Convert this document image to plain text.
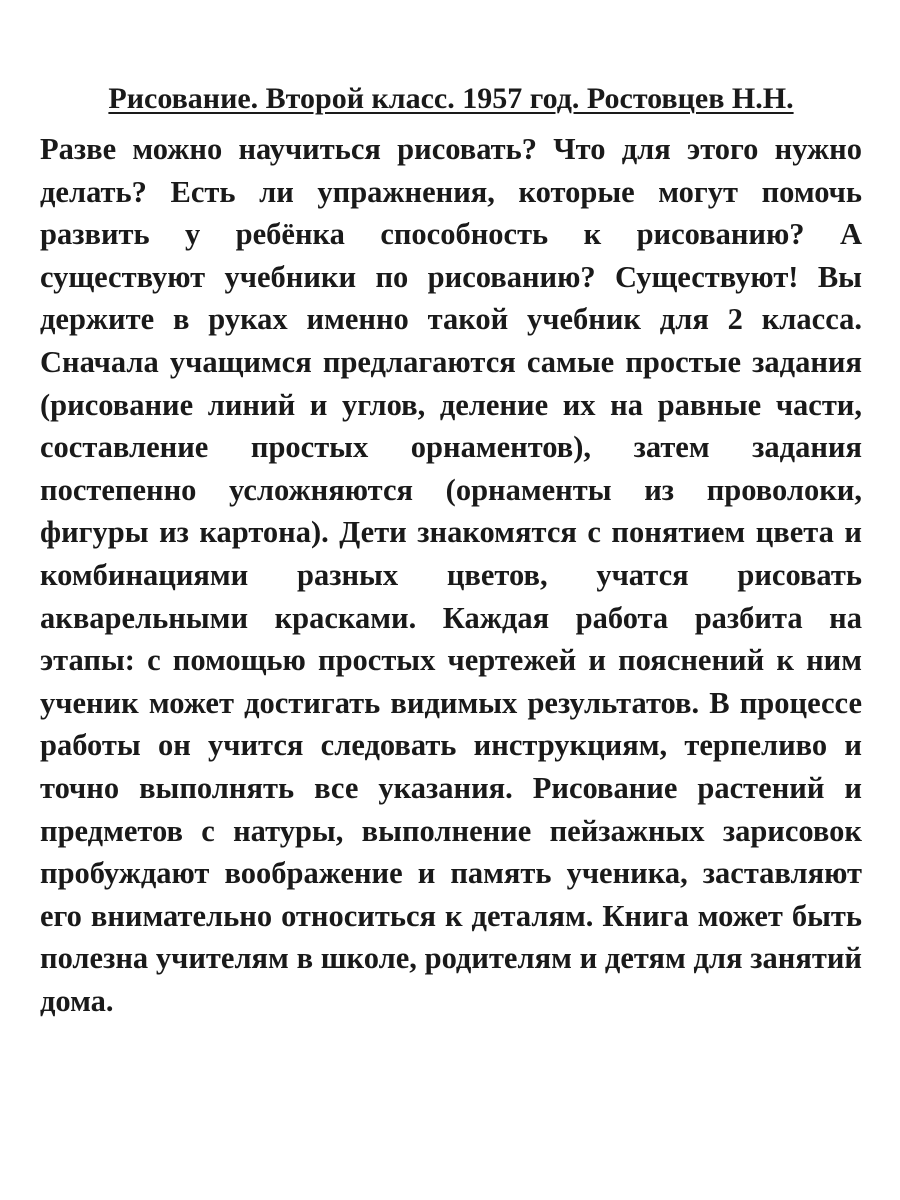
Рисование. Второй класс. 1957 год. Ростовцев Н.Н.

Разве можно научиться рисовать? Что для этого нужно делать? Есть ли упражнения, которые могут помочь развить у ребёнка способность к рисованию? А существуют учебники по рисованию? Существуют! Вы держите в руках именно такой учебник для 2 класса. Сначала учащимся предлагаются самые простые задания (рисование линий и углов, деление их на равные части, составление простых орнаментов), затем задания постепенно усложняются (орнаменты из проволоки, фигуры из картона). Дети знакомятся с понятием цвета и комбинациями разных цветов, учатся рисовать акварельными красками. Каждая работа разбита на этапы: с помощью простых чертежей и пояснений к ним ученик может достигать видимых результатов. В процессе работы он учится следовать инструкциям, терпеливо и точно выполнять все указания. Рисование растений и предметов с натуры, выполнение пейзажных зарисовок пробуждают воображение и память ученика, заставляют его внимательно относиться к деталям. Книга может быть полезна учителям в школе, родителям и детям для занятий дома.
